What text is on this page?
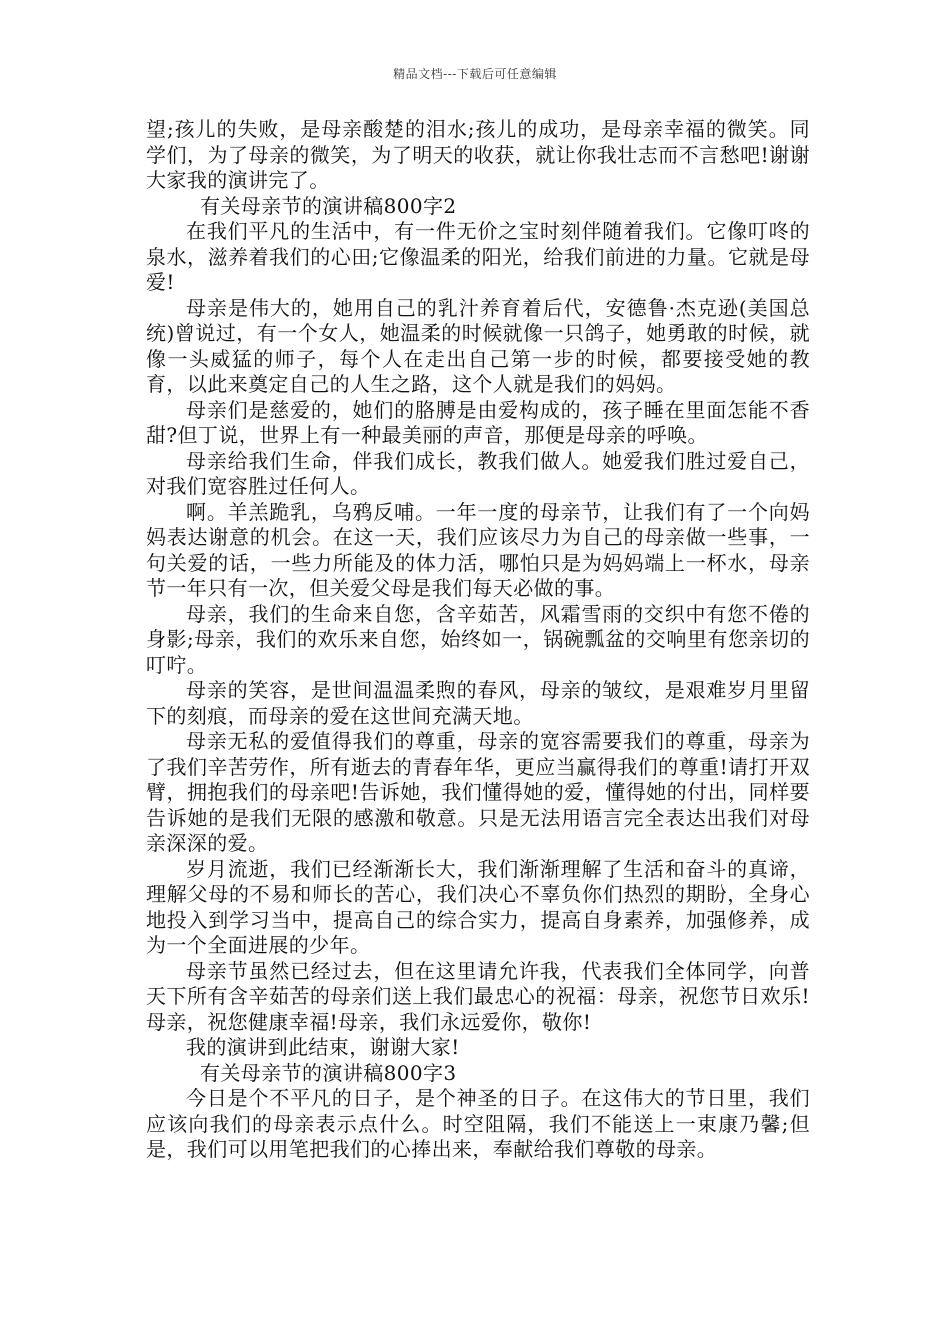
精品文档---下载后可任意编辑

望;孩儿的失败，是母亲酸楚的泪水;孩儿的成功，是母亲幸福的微笑。同学们，为了母亲的微笑，为了明天的收获，就让你我壮志而不言愁吧!谢谢大家我的演讲完了。

有关母亲节的演讲稿800字2

在我们平凡的生活中，有一件无价之宝时刻伴随着我们。它像叮咚的泉水，滋养着我们的心田;它像温柔的阳光，给我们前进的力量。它就是母爱!

母亲是伟大的，她用自己的乳汁养育着后代，安德鲁·杰克逊(美国总统)曾说过，有一个女人，她温柔的时候就像一只鸽子，她勇敢的时候，就像一头威猛的师子，每个人在走出自己第一步的时候，都要接受她的教育，以此来奠定自己的人生之路，这个人就是我们的妈妈。

母亲们是慈爱的，她们的胳膊是由爱构成的，孩子睡在里面怎能不香甜?但丁说，世界上有一种最美丽的声音，那便是母亲的呼唤。

母亲给我们生命，伴我们成长，教我们做人。她爱我们胜过爱自己，对我们宽容胜过任何人。

啊。羊羔跪乳，乌鸦反哺。一年一度的母亲节，让我们有了一个向妈妈表达谢意的机会。在这一天，我们应该尽力为自己的母亲做一些事，一句关爱的话，一些力所能及的体力活，哪怕只是为妈妈端上一杯水，母亲节一年只有一次，但关爱父母是我们每天必做的事。

母亲，我们的生命来自您，含辛茹苦，风霜雪雨的交织中有您不倦的身影;母亲，我们的欢乐来自您，始终如一，锅碗瓢盆的交响里有您亲切的叮咛。

母亲的笑容，是世间温温柔煦的春风，母亲的皱纹，是艰难岁月里留下的刻痕，而母亲的爱在这世间充满天地。

母亲无私的爱值得我们的尊重，母亲的宽容需要我们的尊重，母亲为了我们辛苦劳作，所有逝去的青春年华，更应当赢得我们的尊重!请打开双臂，拥抱我们的母亲吧!告诉她，我们懂得她的爱，懂得她的付出，同样要告诉她的是我们无限的感激和敬意。只是无法用语言完全表达出我们对母亲深深的爱。

岁月流逝，我们已经渐渐长大，我们渐渐理解了生活和奋斗的真谛，理解父母的不易和师长的苦心，我们决心不辜负你们热烈的期盼，全身心地投入到学习当中，提高自己的综合实力，提高自身素养，加强修养，成为一个全面进展的少年。

母亲节虽然已经过去，但在这里请允许我，代表我们全体同学，向普天下所有含辛茹苦的母亲们送上我们最忠心的祝福：母亲，祝您节日欢乐!母亲，祝您健康幸福!母亲，我们永远爱你，敬你!

我的演讲到此结束，谢谢大家!

有关母亲节的演讲稿800字3

今日是个不平凡的日子，是个神圣的日子。在这伟大的节日里，我们应该向我们的母亲表示点什么。时空阻隔，我们不能送上一束康乃馨;但是，我们可以用笔把我们的心捧出来，奉献给我们尊敬的母亲。
